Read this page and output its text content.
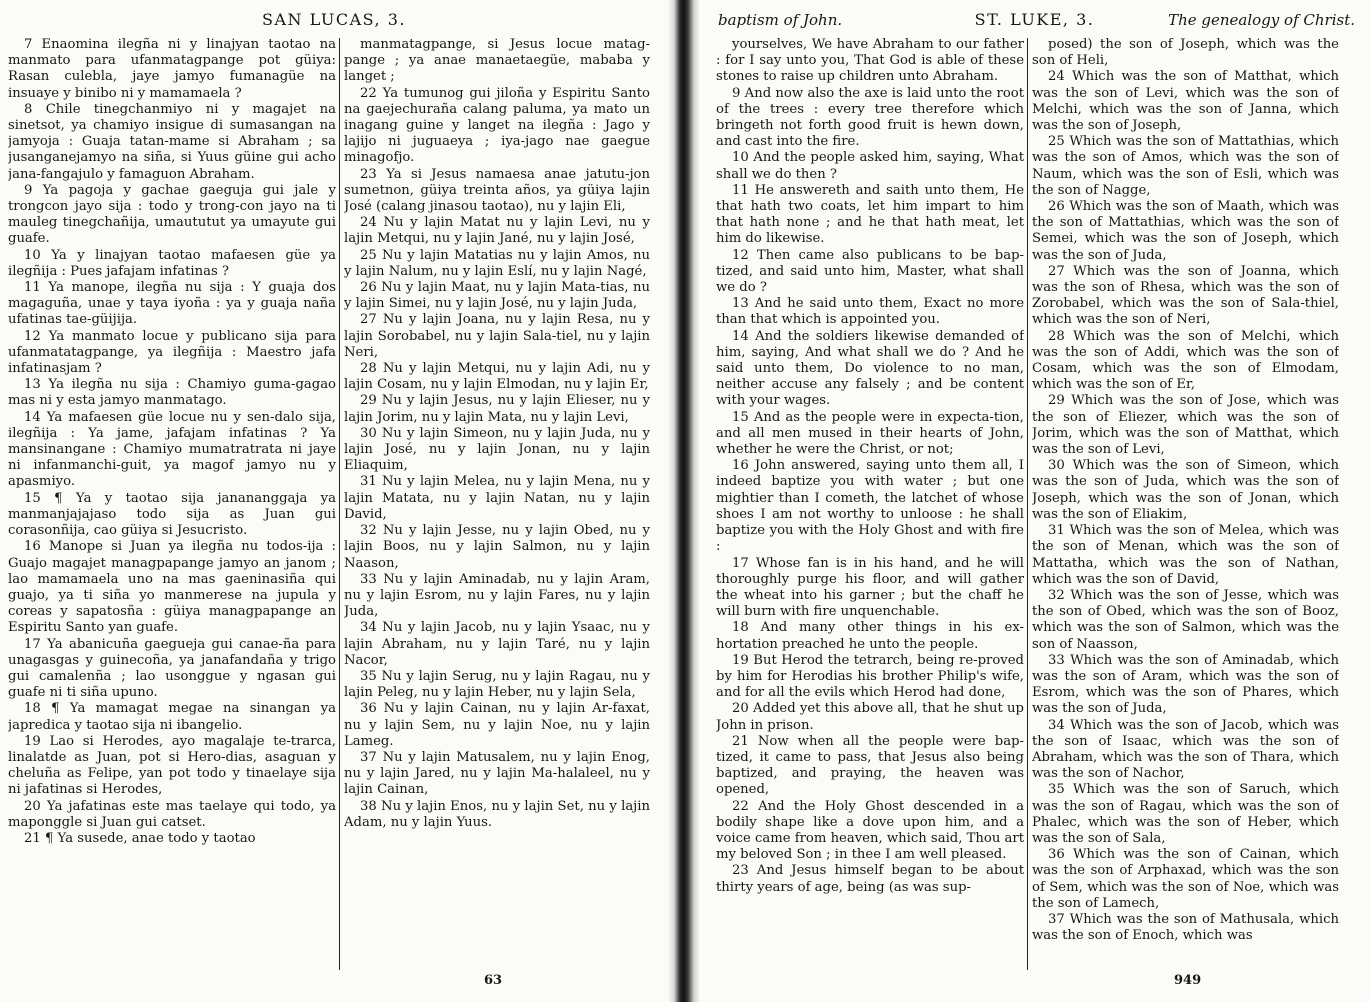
SAN LUCAS, 3.

7 Enaomina ilegña ni y linajyan taotao na manmato para ufanmatagpange pot güiya: Rasan culebla, jaye jamyo fumanagüe na insuaye y binibo ni y mamamaela ?

8 Chile tinegchanmiyo ni y magajet na sinetsot, ya chamiyo insigue di sumasangan na jamyoja : Guaja tatan-mame si Abraham ; sa jusanganejamyo na siña, si Yuus güine gui acho jana-fangajulo y famaguon Abraham.

9 Ya pagoja y gachae gaeguja gui jale y trongcon jayo sija : todo y trong-con jayo na ti mauleg tinegchañija, umaututut ya umayute gui guafe.

10 Ya y linajyan taotao mafaesen güe ya ilegñija : Pues jafajam infatinas ?

11 Ya manope, ilegña nu sija : Y guaja dos magaguña, unae y taya iyoña : ya y guaja naña ufatinas tae-güijija.

12 Ya manmato locue y publicano sija para ufanmatatagpange, ya ilegñija : Maestro jafa infatinasjam ?

13 Ya ilegña nu sija : Chamiyo guma-gagao mas ni y esta jamyo manmatago.

14 Ya mafaesen güe locue nu y sen-dalo sija, ilegñija : Ya jame, jafajam infatinas ? Ya mansinangane : Chamiyo mumatratrata ni jaye ni infanmanchi-guit, ya magof jamyo nu y apasmiyo.

15 ¶ Ya y taotao sija janananggaja ya manmanjajajaso todo sija as Juan gui corasonñija, cao güiya si Jesucristo.

16 Manope si Juan ya ilegña nu todos-ija : Guajo magajet managpapange jamyo an janom ; lao mamamaela uno na mas gaeninasiña qui guajo, ya ti siña yo manmerese na jupula y coreas y sapatosña : güiya managpapange an Espiritu Santo yan guafe.

17 Ya abanicuña gaegueja gui canae-ña para unagasgas y guinecoña, ya janafandaña y trigo gui camalenña ; lao usonggue y ngasan gui guafe ni ti siña upuno.

18 ¶ Ya mamagat megae na sinangan ya japredica y taotao sija ni ibangelio.

19 Lao si Herodes, ayo magalaje te-trarca, linalatde as Juan, pot si Hero-dias, asaguan y cheluña as Felipe, yan pot todo y tinaelaye sija ni jafatinas si Herodes,

20 Ya jafatinas este mas taelaye qui todo, ya maponggle si Juan gui catset.

21 ¶ Ya susede, anae todo y taotao

manmatagpange, si Jesus locue matag-pange ; ya anae manaetaegüe, mababa y langet ;

22 Ya tumunog gui jiloña y Espiritu Santo na gaejechuraña calang paluma, ya mato un inagang guine y langet na ilegña : Jago y lajijo ni juguaeya ; iya-jago nae gaegue minagofjo.

23 Ya si Jesus namaesa anae jatutu-jon sumetnon, güiya treinta años, ya güiya lajin José (calang jinasou taotao), nu y lajin Eli,

24 Nu y lajin Matat nu y lajin Levi, nu y lajin Metqui, nu y lajin Jané, nu y lajin José,

25 Nu y lajin Matatias nu y lajin Amos, nu y lajin Nalum, nu y lajin Eslí, nu y lajin Nagé,

26 Nu y lajin Maat, nu y lajin Mata-tias, nu y lajin Simei, nu y lajin José, nu y lajin Juda,

27 Nu y lajin Joana, nu y lajin Resa, nu y lajin Sorobabel, nu y lajin Sala-tiel, nu y lajin Neri,

28 Nu y lajin Metqui, nu y lajin Adi, nu y lajin Cosam, nu y lajin Elmodan, nu y lajin Er,

29 Nu y lajin Jesus, nu y lajin Elieser, nu y lajin Jorim, nu y lajin Mata, nu y lajin Levi,

30 Nu y lajin Simeon, nu y lajin Juda, nu y lajin José, nu y lajin Jonan, nu y lajin Eliaquim,

31 Nu y lajin Melea, nu y lajin Mena, nu y lajin Matata, nu y lajin Natan, nu y lajin David,

32 Nu y lajin Jesse, nu y lajin Obed, nu y lajin Boos, nu y lajin Salmon, nu y lajin Naason,

33 Nu y lajin Aminadab, nu y lajin Aram, nu y lajin Esrom, nu y lajin Fares, nu y lajin Juda,

34 Nu y lajin Jacob, nu y lajin Ysaac, nu y lajin Abraham, nu y lajin Taré, nu y lajin Nacor,

35 Nu y lajin Serug, nu y lajin Ragau, nu y lajin Peleg, nu y lajin Heber, nu y lajin Sela,

36 Nu y lajin Cainan, nu y lajin Ar-faxat, nu y lajin Sem, nu y lajin Noe, nu y lajin Lameg.

37 Nu y lajin Matusalem, nu y lajin Enog, nu y lajin Jared, nu y lajin Ma-halaleel, nu y lajin Cainan,

38 Nu y lajin Enos, nu y lajin Set, nu y lajin Adam, nu y lajin Yuus.

63
baptism of John.	ST. LUKE, 3.	The genealogy of Christ.

yourselves, We have Abraham to our father : for I say unto you, That God is able of these stones to raise up children unto Abraham.

9 And now also the axe is laid unto the root of the trees : every tree therefore which bringeth not forth good fruit is hewn down, and cast into the fire.

10 And the people asked him, saying, What shall we do then ?

11 He answereth and saith unto them, He that hath two coats, let him impart to him that hath none ; and he that hath meat, let him do likewise.

12 Then came also publicans to be bap-tized, and said unto him, Master, what shall we do ?

13 And he said unto them, Exact no more than that which is appointed you.

14 And the soldiers likewise demanded of him, saying, And what shall we do ? And he said unto them, Do violence to no man, neither accuse any falsely ; and be content with your wages.

15 And as the people were in expecta-tion, and all men mused in their hearts of John, whether he were the Christ, or not;

16 John answered, saying unto them all, I indeed baptize you with water ; but one mightier than I cometh, the latchet of whose shoes I am not worthy to unloose : he shall baptize you with the Holy Ghost and with fire :

17 Whose fan is in his hand, and he will thoroughly purge his floor, and will gather the wheat into his garner ; but the chaff he will burn with fire unquenchable.

18 And many other things in his ex-hortation preached he unto the people.

19 But Herod the tetrarch, being re-proved by him for Herodias his brother Philip's wife, and for all the evils which Herod had done,

20 Added yet this above all, that he shut up John in prison.

21 Now when all the people were bap-tized, it came to pass, that Jesus also being baptized, and praying, the heaven was opened,

22 And the Holy Ghost descended in a bodily shape like a dove upon him, and a voice came from heaven, which said, Thou art my beloved Son ; in thee I am well pleased.

23 And Jesus himself began to be about thirty years of age, being (as was sup-

posed) the son of Joseph, which was the son of Heli,

24 Which was the son of Matthat, which was the son of Levi, which was the son of Melchi, which was the son of Janna, which was the son of Joseph,

25 Which was the son of Mattathias, which was the son of Amos, which was the son of Naum, which was the son of Esli, which was the son of Nagge,

26 Which was the son of Maath, which was the son of Mattathias, which was the son of Semei, which was the son of Joseph, which was the son of Juda,

27 Which was the son of Joanna, which was the son of Rhesa, which was the son of Zorobabel, which was the son of Sala-thiel, which was the son of Neri,

28 Which was the son of Melchi, which was the son of Addi, which was the son of Cosam, which was the son of Elmodam, which was the son of Er,

29 Which was the son of Jose, which was the son of Eliezer, which was the son of Jorim, which was the son of Matthat, which was the son of Levi,

30 Which was the son of Simeon, which was the son of Juda, which was the son of Joseph, which was the son of Jonan, which was the son of Eliakim,

31 Which was the son of Melea, which was the son of Menan, which was the son of Mattatha, which was the son of Nathan, which was the son of David,

32 Which was the son of Jesse, which was the son of Obed, which was the son of Booz, which was the son of Salmon, which was the son of Naasson,

33 Which was the son of Aminadab, which was the son of Aram, which was the son of Esrom, which was the son of Phares, which was the son of Juda,

34 Which was the son of Jacob, which was the son of Isaac, which was the son of Abraham, which was the son of Thara, which was the son of Nachor,

35 Which was the son of Saruch, which was the son of Ragau, which was the son of Phalec, which was the son of Heber, which was the son of Sala,

36 Which was the son of Cainan, which was the son of Arphaxad, which was the son of Sem, which was the son of Noe, which was the son of Lamech,

37 Which was the son of Mathusala, which was the son of Enoch, which was

949
